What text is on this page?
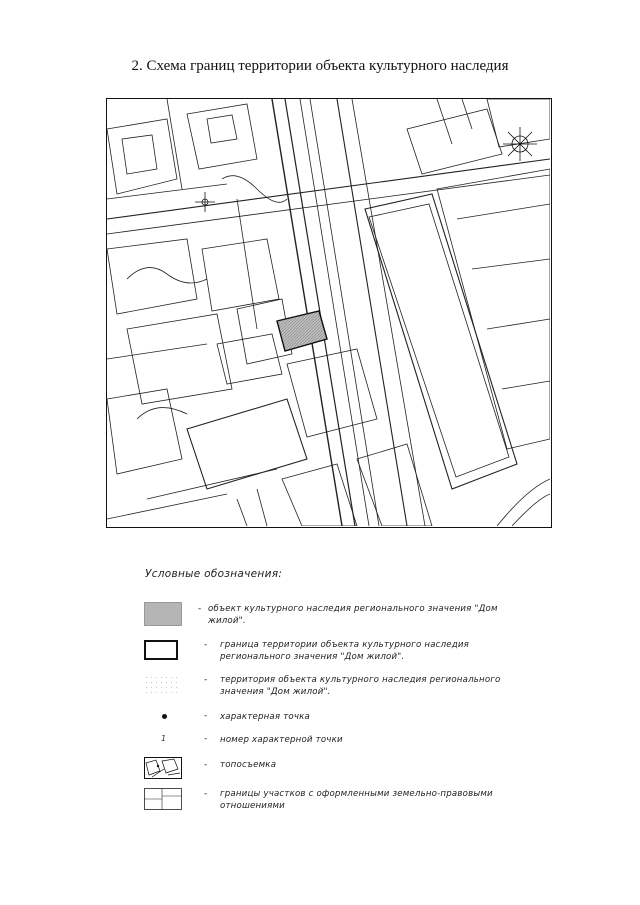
2. Схема границ территории объекта культурного наследия
Условные обозначения:
- объект культурного наследия регионального значения "Дом жилой".
- граница территории объекта культурного наследия регионального значения "Дом жилой".
- территория объекта культурного наследия регионального значения "Дом жилой".
- характерная точка
1	- номер характерной точки
- топосъемка
- границы участков с оформленными земельно-правовыми отношениями
